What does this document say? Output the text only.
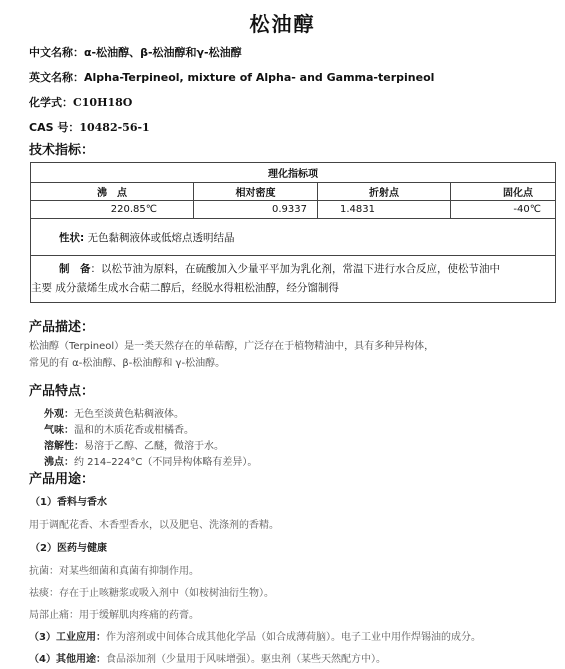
松油醇
中文名称：α-松油醇、β-松油醇和γ-松油醇
英文名称：Alpha-Terpineol, mixture of Alpha- and Gamma-terpineol
化学式：C10H18O
CAS 号：10482-56-1
技术指标：
理化指标项			
沸　点	相对密度	折射点	固化点
220.85℃	0.9337	1.4831	-40℃
性状: 无色黏稠液体或低熔点透明结晶			
制　备：以松节油为原料，在硫酸加入少量平平加为乳化剂，常温下进行水合反应，使松节油中
主要 成分蒎烯生成水合萜二醇后，经脱水得粗松油醇，经分馏制得			
产品描述：
松油醇（Terpineol）是一类天然存在的单萜醇，广泛存在于植物精油中，具有多种异构体，
常见的有 α-松油醇、β-松油醇和 γ-松油醇。
产品特点：
外观：无色至淡黄色粘稠液体。
气味：温和的木质花香或柑橘香。
溶解性：易溶于乙醇、乙醚，微溶于水。
沸点：约 214–224°C（不同异构体略有差异）。
产品用途：
（1）香料与香水
用于调配花香、木香型香水，以及肥皂、洗涤剂的香精。
（2）医药与健康
抗菌：对某些细菌和真菌有抑制作用。
祛痰：存在于止咳糖浆或吸入剂中（如桉树油衍生物）。
局部止痛：用于缓解肌肉疼痛的药膏。
（3）工业应用：作为溶剂或中间体合成其他化学品（如合成薄荷脑）。电子工业中用作焊锡油的成分。
（4）其他用途：食品添加剂（少量用于风味增强）。驱虫剂（某些天然配方中）。
